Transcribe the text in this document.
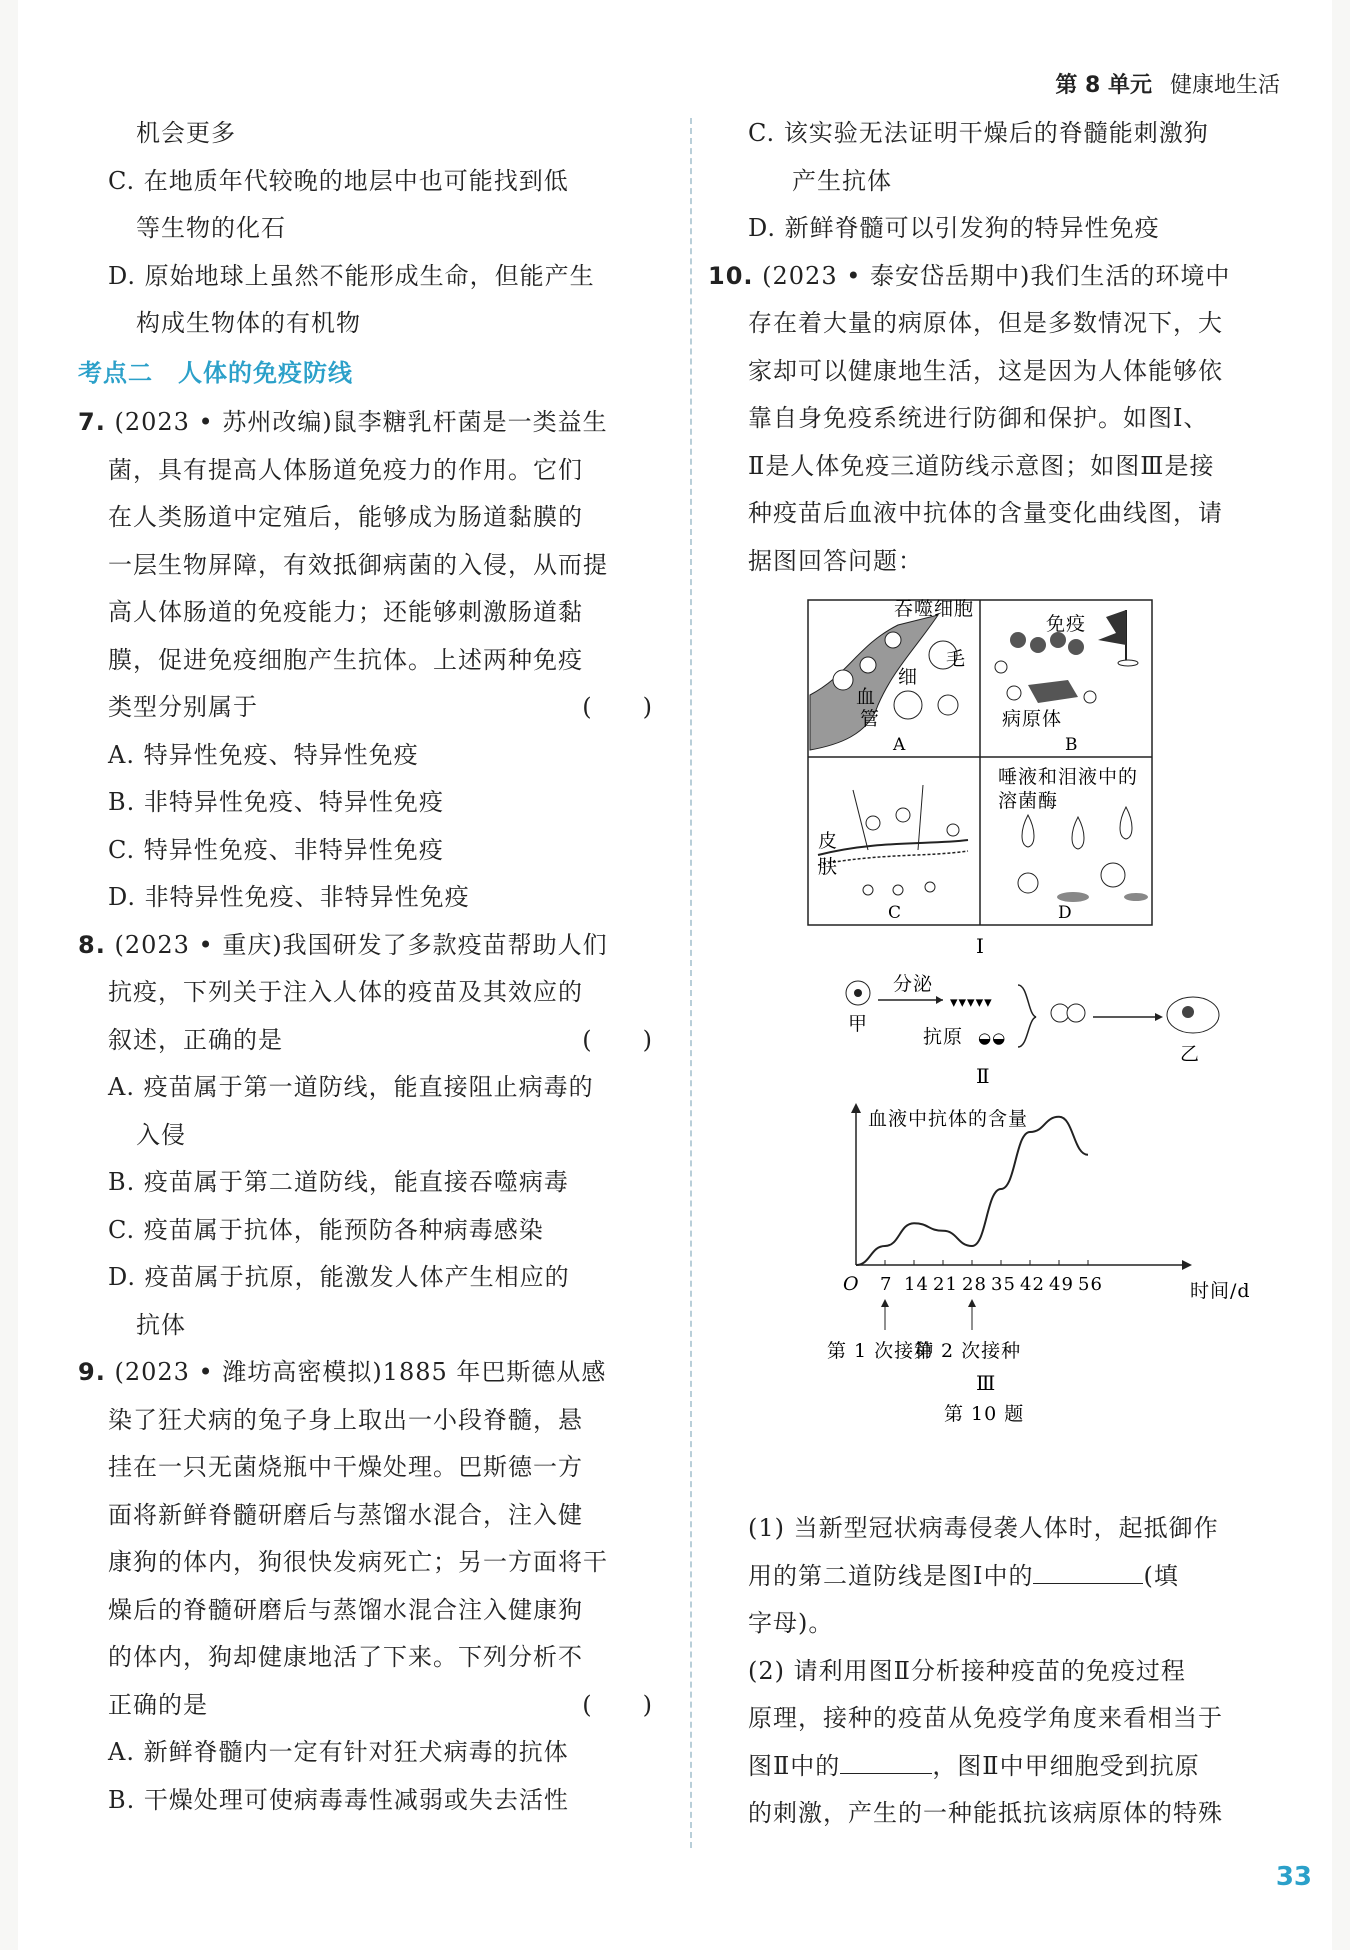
第 8 单元 健康地生活
机会更多
C. 在地质年代较晚的地层中也可能找到低
等生物的化石
D. 原始地球上虽然不能形成生命，但能产生
构成生物体的有机物
考点二　人体的免疫防线
7. (2023 • 苏州改编)鼠李糖乳杆菌是一类益生
菌，具有提高人体肠道免疫力的作用。它们
在人类肠道中定殖后，能够成为肠道黏膜的
一层生物屏障，有效抵御病菌的入侵，从而提
高人体肠道的免疫能力；还能够刺激肠道黏
膜，促进免疫细胞产生抗体。上述两种免疫
类型分别属于	(　　)
A. 特异性免疫、特异性免疫
B. 非特异性免疫、特异性免疫
C. 特异性免疫、非特异性免疫
D. 非特异性免疫、非特异性免疫
8. (2023 • 重庆)我国研发了多款疫苗帮助人们
抗疫，下列关于注入人体的疫苗及其效应的
叙述，正确的是	(　　)
A. 疫苗属于第一道防线，能直接阻止病毒的
入侵
B. 疫苗属于第二道防线，能直接吞噬病毒
C. 疫苗属于抗体，能预防各种病毒感染
D. 疫苗属于抗原，能激发人体产生相应的
抗体
9. (2023 • 潍坊高密模拟)1885 年巴斯德从感
染了狂犬病的兔子身上取出一小段脊髓，悬
挂在一只无菌烧瓶中干燥处理。巴斯德一方
面将新鲜脊髓研磨后与蒸馏水混合，注入健
康狗的体内，狗很快发病死亡；另一方面将干
燥后的脊髓研磨后与蒸馏水混合注入健康狗
的体内，狗却健康地活了下来。下列分析不
正确的是	(　　)
A. 新鲜脊髓内一定有针对狂犬病毒的抗体
B. 干燥处理可使病毒毒性减弱或失去活性
C. 该实验无法证明干燥后的脊髓能刺激狗
产生抗体
D. 新鲜脊髓可以引发狗的特异性免疫
10. (2023 • 泰安岱岳期中)我们生活的环境中
存在着大量的病原体，但是多数情况下，大
家却可以健康地生活，这是因为人体能够依
靠自身免疫系统进行防御和保护。如图Ⅰ、
Ⅱ是人体免疫三道防线示意图；如图Ⅲ是接
种疫苗后血液中抗体的含量变化曲线图，请
据图回答问题：
吞噬细胞
毛
细
血
管
A
免疫
病原体
B
皮
肤
C
唾液和泪液中的
溶菌酶
D
Ⅰ
甲
分泌
▾▾▾▾▾
抗原 ◒◒
乙
Ⅱ
血液中抗体的含量
O	时间/d
7 14 21 28 35 42 49 56
第 1 次接种
第 2 次接种
Ⅲ
第 10 题
(1) 当新型冠状病毒侵袭人体时，起抵御作
用的第二道防线是图Ⅰ中的	(填
字母)。
(2) 请利用图Ⅱ分析接种疫苗的免疫过程
原理，接种的疫苗从免疫学角度来看相当于
图Ⅱ中的	，图Ⅱ中甲细胞受到抗原
的刺激，产生的一种能抵抗该病原体的特殊
33
